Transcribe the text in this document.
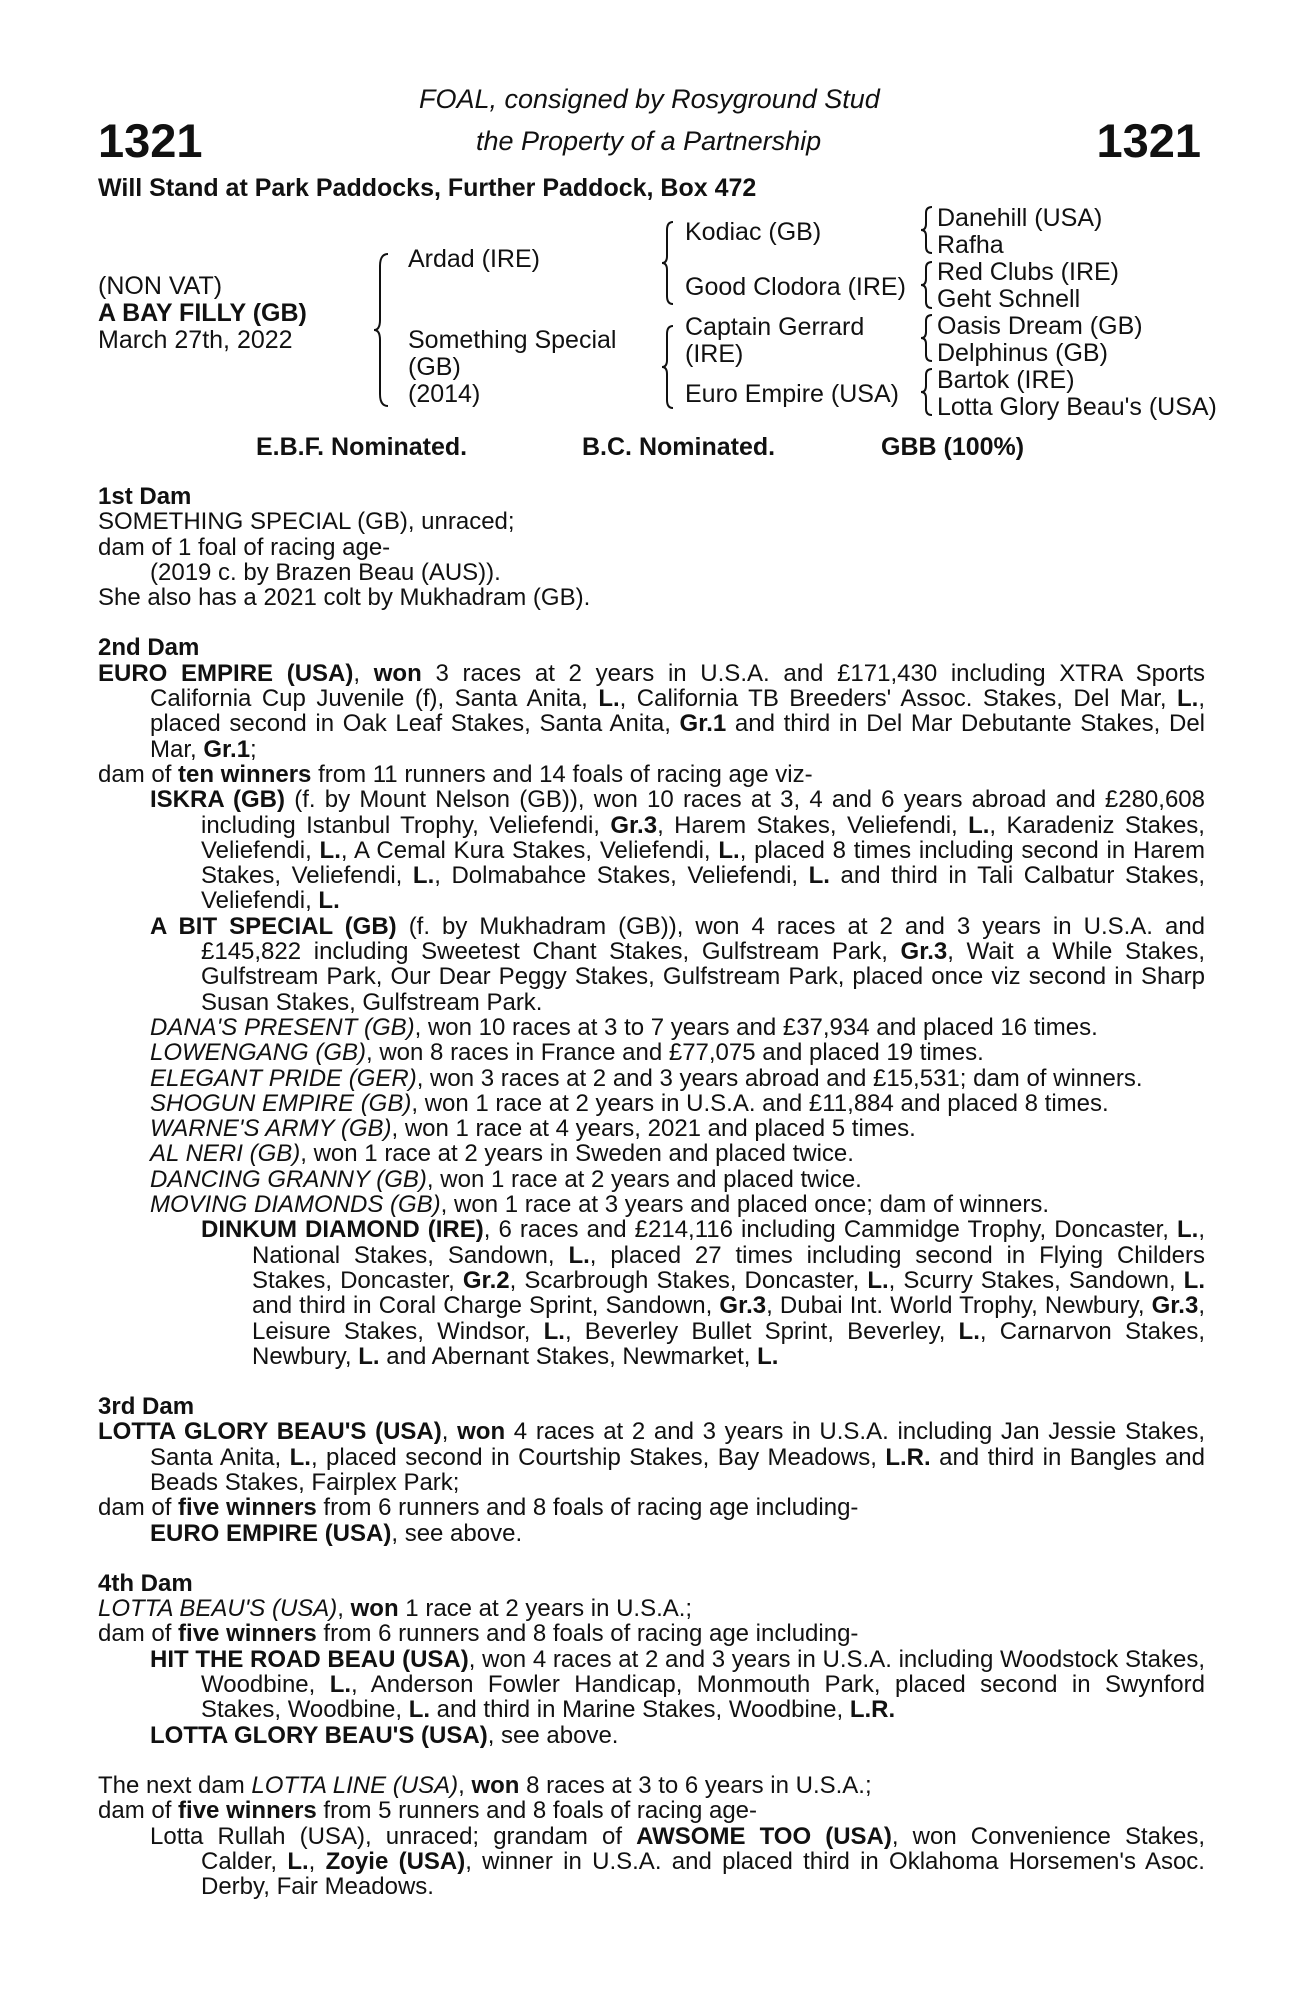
1321	1321
FOAL, consigned by Rosyground Stud
the Property of a Partnership
Will Stand at Park Paddocks, Further Paddock, Box 472
(NON VAT)
A BAY FILLY (GB)
March 27th, 2022
Ardad (IRE)
Something Special
(GB)
(2014)
Kodiac (GB)
Good Clodora (IRE)
Captain Gerrard
(IRE)
Euro Empire (USA)
Danehill (USA)
Rafha
Red Clubs (IRE)
Geht Schnell
Oasis Dream (GB)
Delphinus (GB)
Bartok (IRE)
Lotta Glory Beau's (USA)
E.B.F. Nominated.	B.C. Nominated.	GBB (100%)
1st Dam

SOMETHING SPECIAL (GB), unraced;

dam of 1 foal of racing age-

(2019 c. by Brazen Beau (AUS)).

She also has a 2021 colt by Mukhadram (GB).

2nd Dam

EURO EMPIRE (USA), won 3 races at 2 years in U.S.A. and £171,430 including XTRA Sports California Cup Juvenile (f), Santa Anita, L., California TB Breeders' Assoc. Stakes, Del Mar, L., placed second in Oak Leaf Stakes, Santa Anita, Gr.1 and third in Del Mar Debutante Stakes, Del Mar, Gr.1;

dam of ten winners from 11 runners and 14 foals of racing age viz-

ISKRA (GB) (f. by Mount Nelson (GB)), won 10 races at 3, 4 and 6 years abroad and £280,608 including Istanbul Trophy, Veliefendi, Gr.3, Harem Stakes, Veliefendi, L., Karadeniz Stakes, Veliefendi, L., A Cemal Kura Stakes, Veliefendi, L., placed 8 times including second in Harem Stakes, Veliefendi, L., Dolmabahce Stakes, Veliefendi, L. and third in Tali Calbatur Stakes, Veliefendi, L.

A BIT SPECIAL (GB) (f. by Mukhadram (GB)), won 4 races at 2 and 3 years in U.S.A. and £145,822 including Sweetest Chant Stakes, Gulfstream Park, Gr.3, Wait a While Stakes, Gulfstream Park, Our Dear Peggy Stakes, Gulfstream Park, placed once viz second in Sharp Susan Stakes, Gulfstream Park.

DANA'S PRESENT (GB), won 10 races at 3 to 7 years and £37,934 and placed 16 times.

LOWENGANG (GB), won 8 races in France and £77,075 and placed 19 times.

ELEGANT PRIDE (GER), won 3 races at 2 and 3 years abroad and £15,531; dam of winners.

SHOGUN EMPIRE (GB), won 1 race at 2 years in U.S.A. and £11,884 and placed 8 times.

WARNE'S ARMY (GB), won 1 race at 4 years, 2021 and placed 5 times.

AL NERI (GB), won 1 race at 2 years in Sweden and placed twice.

DANCING GRANNY (GB), won 1 race at 2 years and placed twice.

MOVING DIAMONDS (GB), won 1 race at 3 years and placed once; dam of winners.

DINKUM DIAMOND (IRE), 6 races and £214,116 including Cammidge Trophy, Doncaster, L., National Stakes, Sandown, L., placed 27 times including second in Flying Childers Stakes, Doncaster, Gr.2, Scarbrough Stakes, Doncaster, L., Scurry Stakes, Sandown, L. and third in Coral Charge Sprint, Sandown, Gr.3, Dubai Int. World Trophy, Newbury, Gr.3, Leisure Stakes, Windsor, L., Beverley Bullet Sprint, Beverley, L., Carnarvon Stakes, Newbury, L. and Abernant Stakes, Newmarket, L.

3rd Dam

LOTTA GLORY BEAU'S (USA), won 4 races at 2 and 3 years in U.S.A. including Jan Jessie Stakes, Santa Anita, L., placed second in Courtship Stakes, Bay Meadows, L.R. and third in Bangles and Beads Stakes, Fairplex Park;

dam of five winners from 6 runners and 8 foals of racing age including-

EURO EMPIRE (USA), see above.

4th Dam

LOTTA BEAU'S (USA), won 1 race at 2 years in U.S.A.;

dam of five winners from 6 runners and 8 foals of racing age including-

HIT THE ROAD BEAU (USA), won 4 races at 2 and 3 years in U.S.A. including Woodstock Stakes, Woodbine, L., Anderson Fowler Handicap, Monmouth Park, placed second in Swynford Stakes, Woodbine, L. and third in Marine Stakes, Woodbine, L.R.

LOTTA GLORY BEAU'S (USA), see above.

The next dam LOTTA LINE (USA), won 8 races at 3 to 6 years in U.S.A.;

dam of five winners from 5 runners and 8 foals of racing age-

Lotta Rullah (USA), unraced; grandam of AWSOME TOO (USA), won Convenience Stakes, Calder, L., Zoyie (USA), winner in U.S.A. and placed third in Oklahoma Horsemen's Asoc. Derby, Fair Meadows.
